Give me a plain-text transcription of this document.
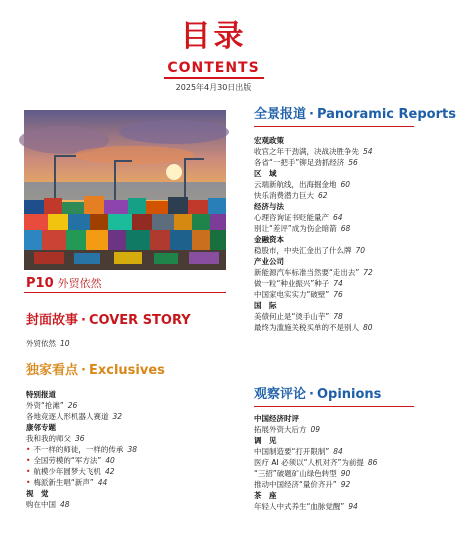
目录
CONTENTS
2025年4月30日出版
P10 外贸依然
封面故事 · COVER STORY
外贸依然 10
独家看点 · Exclusives
特别报道
外资“抢滩” 26
各地竞逐人形机器人赛道 32
康邻专题
我和我的师父 36
• 不一样的师徒，一样的传承 38
• 全国劳模的“军方法” 40
• 航模少年圆梦大飞机 42
• 梅派新生唱“新声” 44
视　觉
购在中国 48
全景报道 · Panoramic Reports
宏观政策
收官之年干劲满，决战决胜争先 54
各省“一把手”铆足劲抓经济 56
区　域
云端新航线，出海掘金地 60
快乐消费潜力巨大 62
经济与法
心理咨询证书贬能量产 64
别让“差评”成为伤企暗箭 68
金融资本
稳股市，中央汇金出了什么牌 70
产业公司
新能源汽车标准当然要“走出去” 72
做一粒“种业振兴”种子 74
中国家电实实力“破壁” 76
国　际
美债何止是“烫手山芋” 78
最终为滥施关税买单的不是别人 80
观察评论 · Opinions
中国经济时评
拓展外资大后方 09
调　见
中国制造要“打开限制” 84
医疗 AI 必须以“人机对齐”为前提 86
“三招”破题矿山绿色转型 90
推动中国经济“量价齐升” 92
茶　座
年轻人中式养生“血脉觉醒” 94
